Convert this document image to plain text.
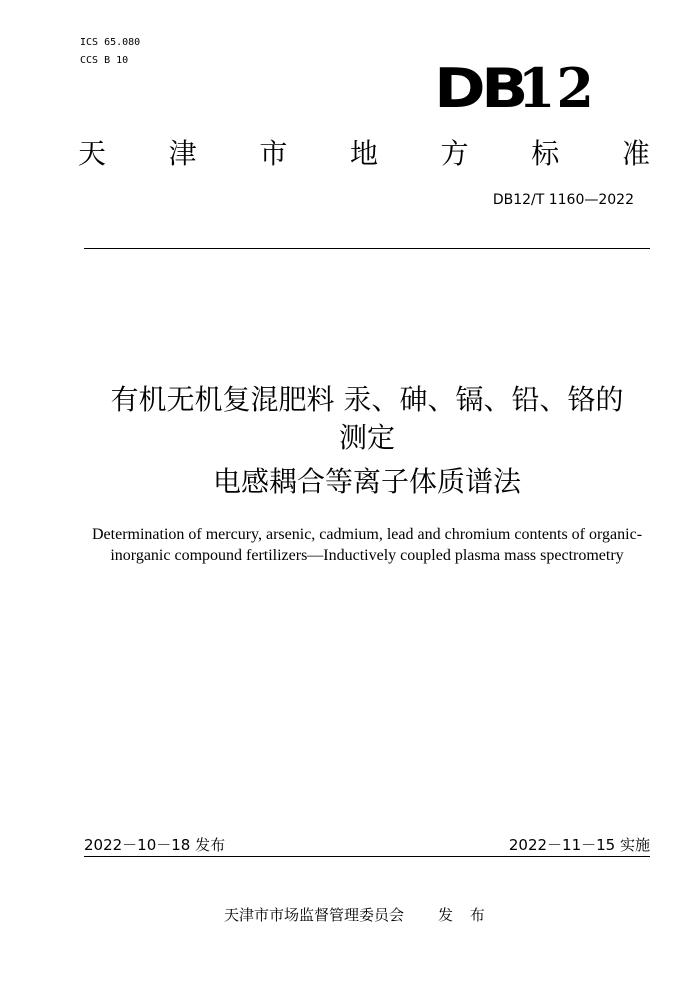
ICS 65.080
CCS B 10	DB12
天 津 市 地 方 标 准
DB12/T 1160—2022
有机无机复混肥料 汞、砷、镉、铅、铬的
测定
电感耦合等离子体质谱法
Determination of mercury, arsenic, cadmium, lead and chromium contents of organic-inorganic compound fertilizers—Inductively coupled plasma mass spectrometry
2022－10－18 发布	2022－11－15 实施
天津市市场监督管理委员会 发 布
